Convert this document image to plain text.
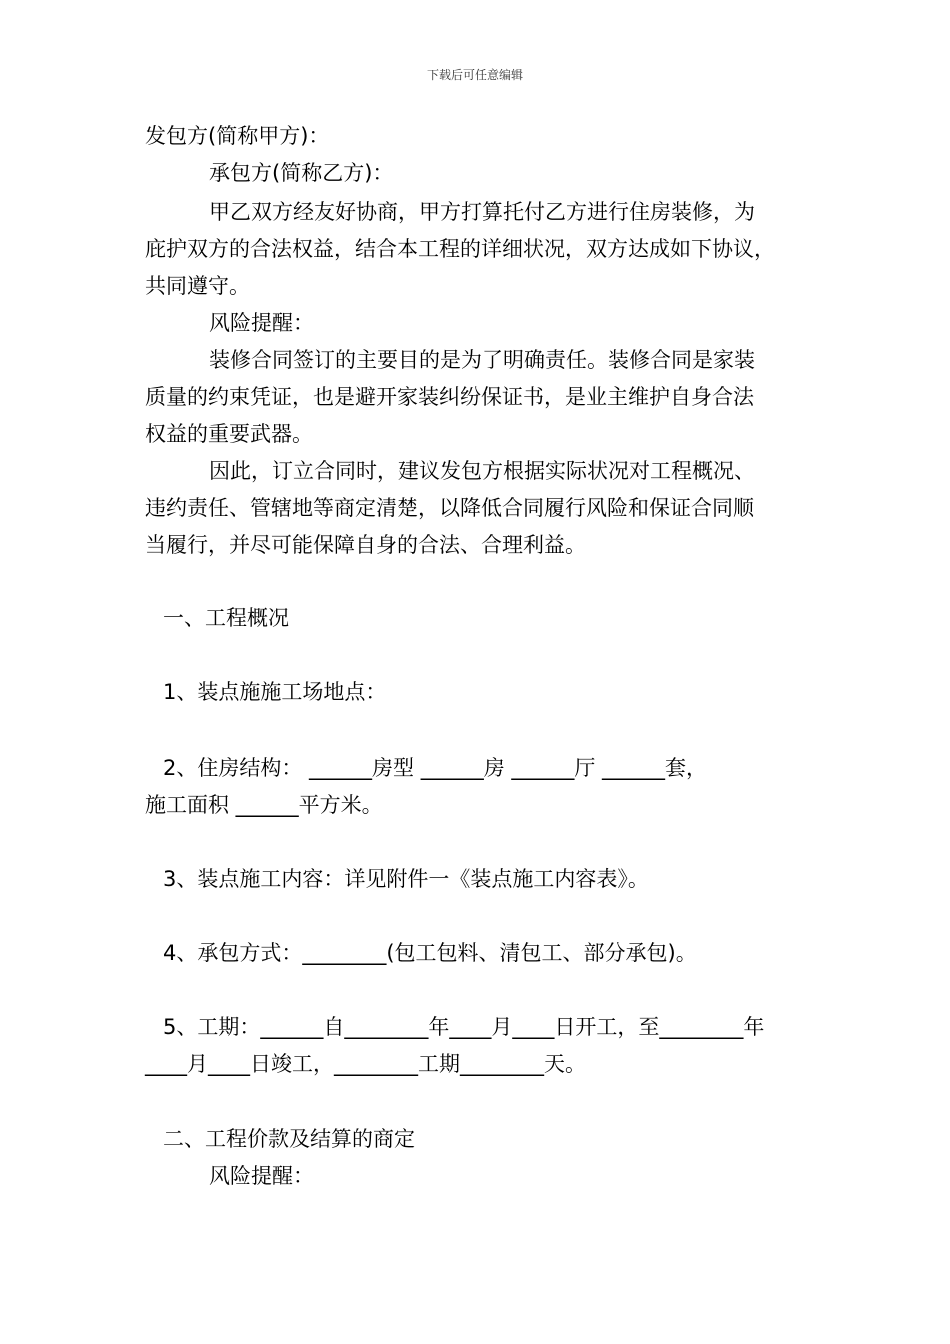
下载后可任意编辑
发包方(简称甲方)：
承包方(简称乙方)：
甲乙双方经友好协商，甲方打算托付乙方进行住房装修，为
庇护双方的合法权益，结合本工程的详细状况，双方达成如下协议，
共同遵守。
风险提醒：
装修合同签订的主要目的是为了明确责任。装修合同是家装
质量的约束凭证，也是避开家装纠纷保证书，是业主维护自身合法
权益的重要武器。
因此，订立合同时，建议发包方根据实际状况对工程概况、
违约责任、管辖地等商定清楚，以降低合同履行风险和保证合同顺
当履行，并尽可能保障自身的合法、合理利益。
一、工程概况
1、装点施施工场地点：
2、住房结构： ______房型 ______房 ______厅 ______套，
施工面积 ______平方米。
3、装点施工内容：详见附件一《装点施工内容表》。
4、承包方式：________(包工包料、清包工、部分承包)。
5、工期：______自________年____月____日开工，至________年
____月____日竣工，________工期________天。
二、工程价款及结算的商定
风险提醒：
